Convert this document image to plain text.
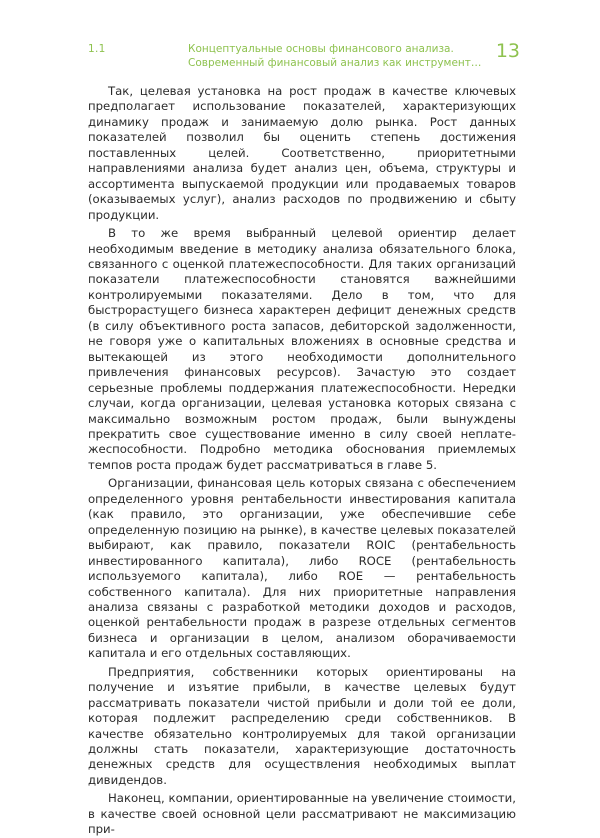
1.1	Концептуальные основы финансового анализа.
Современный финансовый анализ как инструмент…
13

Так, целевая установка на рост продаж в качестве ключевых предполагает использование показателей, характеризующих динамику продаж и занимаемую долю рынка. Рост данных показателей позволил бы оценить степень достижения поставленных целей. Соответственно, приоритетными направлениями анализа будет анализ цен, объема, структуры и ассортимента выпускаемой продукции или продаваемых товаров (оказываемых услуг), анализ расходов по продвижению и сбыту продукции.

В то же время выбранный целевой ориентир делает необходимым введение в методику анализа обязательного блока, связанного с оценкой платежеспособности. Для таких организаций показатели платежеспособности становятся важнейшими контролируемыми показателями. Дело в том, что для быстрорастущего бизнеса характерен дефицит денежных средств (в силу объективного роста запасов, дебиторской задолженности, не говоря уже о капитальных вложениях в основные средства и вытекающей из этого необходимости дополнительного привлечения финансовых ресурсов). Зачастую это создает серьезные проблемы поддержания платежеспособности. Нередки случаи, когда организации, целевая установка которых связана с максимально возможным ростом продаж, были вынуждены прекратить свое существование именно в силу своей неплатежеспособности. Подробно методика обоснования приемлемых темпов роста продаж будет рассматриваться в главе 5.

Организации, финансовая цель которых связана с обеспечением определенного уровня рентабельности инвестирования капитала (как правило, это организации, уже обеспечившие себе определенную позицию на рынке), в качестве целевых показателей выбирают, как правило, показатели ROIC (рентабельность инвестированного капитала), либо ROCE (рентабельность используемого капитала), либо ROE — рентабельность собственного капитала). Для них приоритетные направления анализа связаны с разработкой методики доходов и расходов, оценкой рентабельности продаж в разрезе отдельных сегментов бизнеса и организации в целом, анализом оборачиваемости капитала и его отдельных составляющих.

Предприятия, собственники которых ориентированы на получение и изъятие прибыли, в качестве целевых будут рассматривать показатели чистой прибыли и доли той ее доли, которая подлежит распределению среди собственников. В качестве обязательно контролируемых для такой организации должны стать показатели, характеризующие достаточность денежных средств для осуществления необходимых выплат дивидендов.

Наконец, компании, ориентированные на увеличение стоимости, в качестве своей основной цели рассматривают не максимизацию при-
